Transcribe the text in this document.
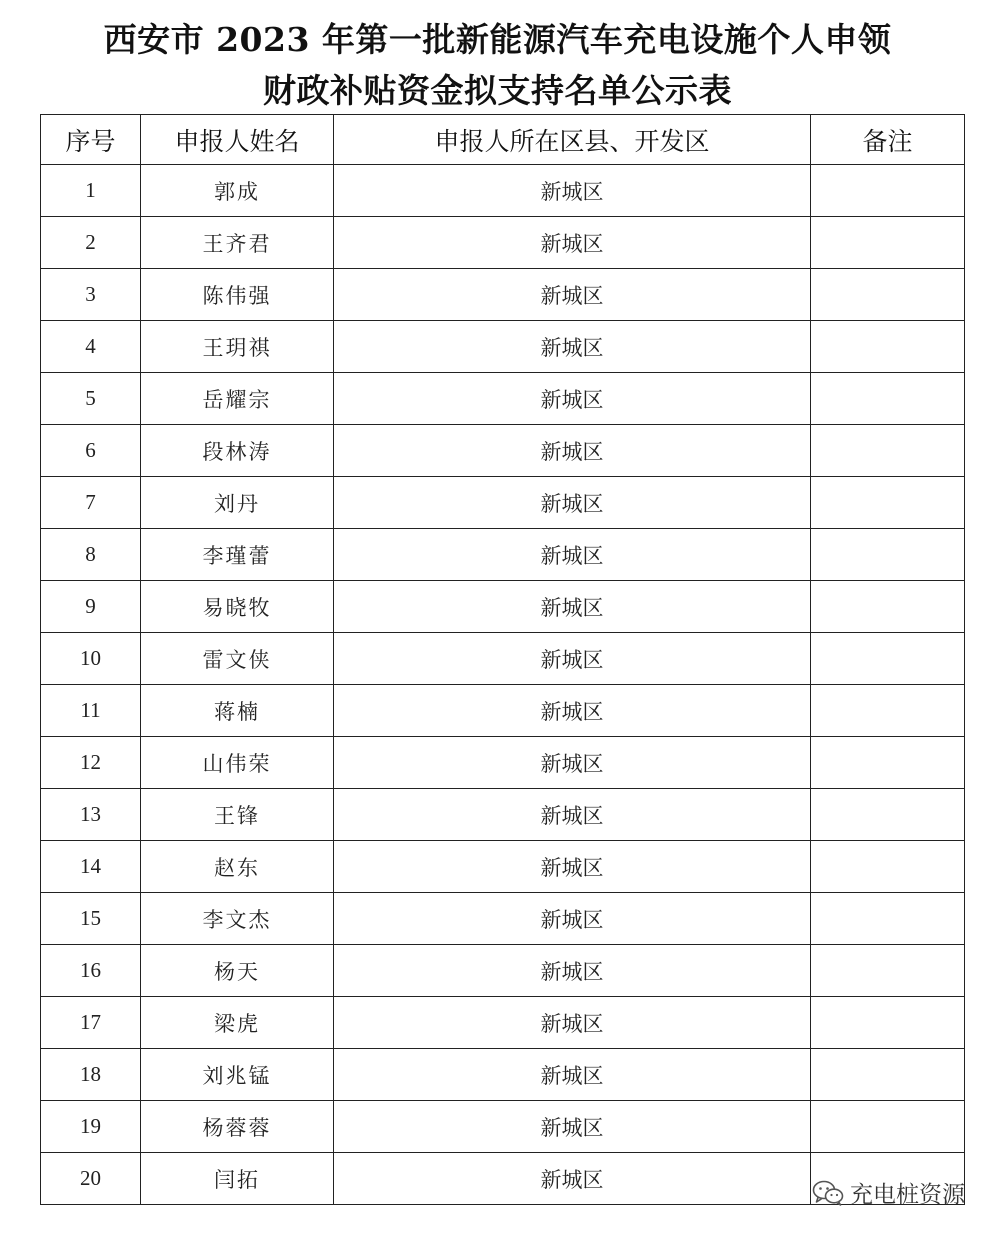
西安市 2023 年第一批新能源汽车充电设施个人申领
财政补贴资金拟支持名单公示表
序号	申报人姓名	申报人所在区县、开发区	备注
1	郭成	新城区	
2	王齐君	新城区	
3	陈伟强	新城区	
4	王玥祺	新城区	
5	岳耀宗	新城区	
6	段林涛	新城区	
7	刘丹	新城区	
8	李瑾蕾	新城区	
9	易晓牧	新城区	
10	雷文侠	新城区	
11	蒋楠	新城区	
12	山伟荣	新城区	
13	王锋	新城区	
14	赵东	新城区	
15	李文杰	新城区	
16	杨天	新城区	
17	梁虎	新城区	
18	刘兆锰	新城区	
19	杨蓉蓉	新城区	
20	闫拓	新城区	
充电桩资源
